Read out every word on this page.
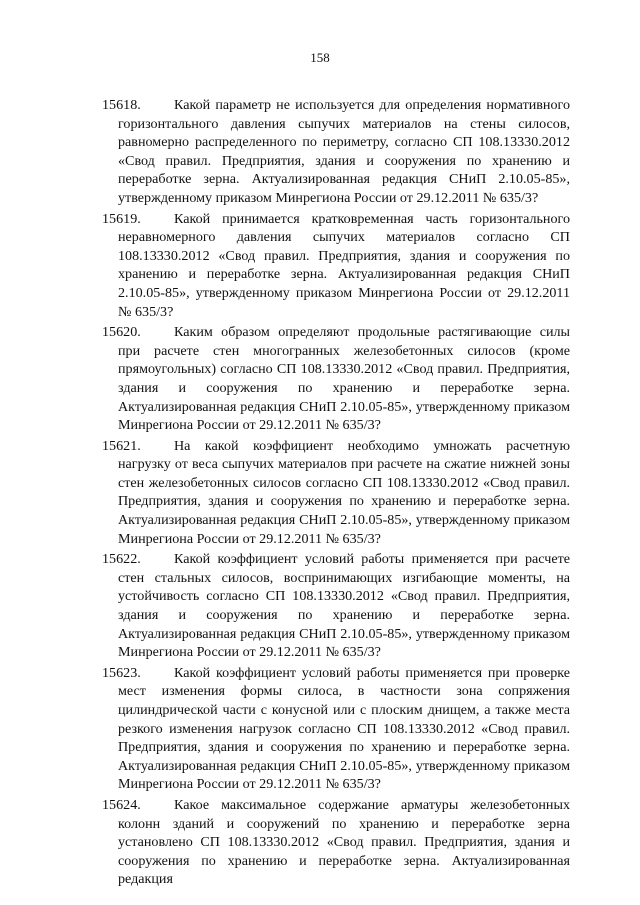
158
15618.	Какой параметр не используется для определения нормативного горизонтального давления сыпучих материалов на стены силосов, равномерно распределенного по периметру, согласно СП 108.13330.2012 «Свод правил. Предприятия, здания и сооружения по хранению и переработке зерна. Актуализированная редакция СНиП 2.10.05-85», утвержденному приказом Минрегиона России от 29.12.2011 № 635/3?

15619.	Какой принимается кратковременная часть горизонтального неравномерного давления сыпучих материалов согласно СП 108.13330.2012 «Свод правил. Предприятия, здания и сооружения по хранению и переработке зерна. Актуализированная редакция СНиП 2.10.05-85», утвержденному приказом Минрегиона России от 29.12.2011 № 635/3?

15620.	Каким образом определяют продольные растягивающие силы при расчете стен многогранных железобетонных силосов (кроме прямоугольных) согласно СП 108.13330.2012 «Свод правил. Предприятия, здания и сооружения по хранению и переработке зерна. Актуализированная редакция СНиП 2.10.05-85», утвержденному приказом Минрегиона России от 29.12.2011 № 635/3?

15621.	На какой коэффициент необходимо умножать расчетную нагрузку от веса сыпучих материалов при расчете на сжатие нижней зоны стен железобетонных силосов согласно СП 108.13330.2012 «Свод правил. Предприятия, здания и сооружения по хранению и переработке зерна. Актуализированная редакция СНиП 2.10.05-85», утвержденному приказом Минрегиона России от 29.12.2011 № 635/3?

15622.	Какой коэффициент условий работы применяется при расчете стен стальных силосов, воспринимающих изгибающие моменты, на устойчивость согласно СП 108.13330.2012 «Свод правил. Предприятия, здания и сооружения по хранению и переработке зерна. Актуализированная редакция СНиП 2.10.05-85», утвержденному приказом Минрегиона России от 29.12.2011 № 635/3?

15623.	Какой коэффициент условий работы применяется при проверке мест изменения формы силоса, в частности зона сопряжения цилиндрической части с конусной или с плоским днищем, а также места резкого изменения нагрузок согласно СП 108.13330.2012 «Свод правил. Предприятия, здания и сооружения по хранению и переработке зерна. Актуализированная редакция СНиП 2.10.05-85», утвержденному приказом Минрегиона России от 29.12.2011 № 635/3?

15624.	Какое максимальное содержание арматуры железобетонных колонн зданий и сооружений по хранению и переработке зерна установлено СП 108.13330.2012 «Свод правил. Предприятия, здания и сооружения по хранению и переработке зерна. Актуализированная редакция
